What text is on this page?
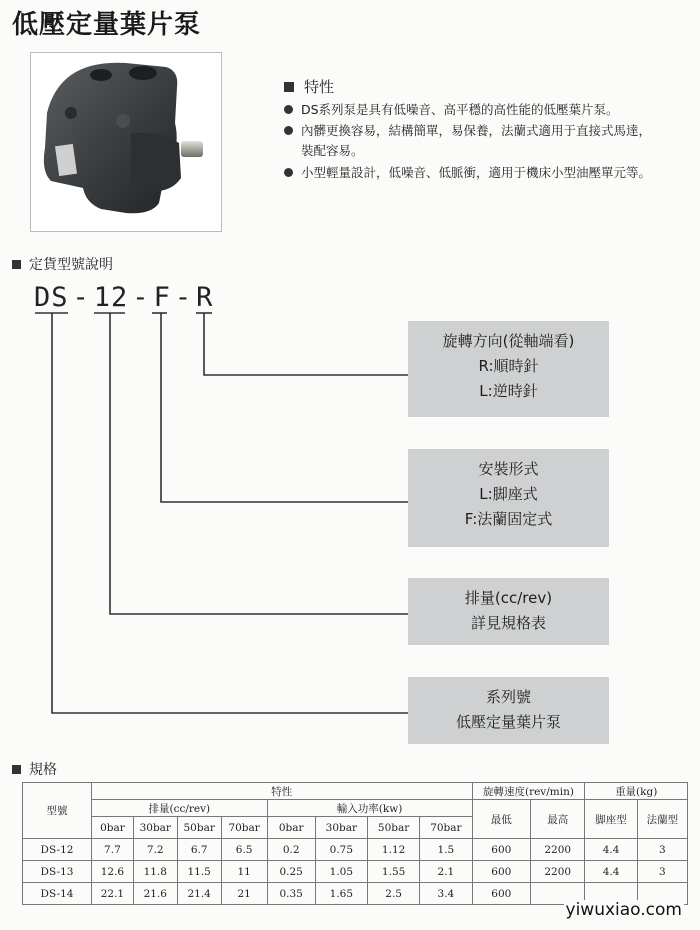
低壓定量葉片泵
特性
DS系列泵是具有低噪音、高平穩的高性能的低壓葉片泵。
內髒更換容易，結構簡單，易保養，法蘭式適用于直接式馬達，
裝配容易。
小型輕量設計，低噪音、低脈衝，適用于機床小型油壓單元等。
定貨型號說明
DS - 12 - F - R
旋轉方向(從軸端看)
R:順時針
L:逆時針
安裝形式
L:脚座式
F:法蘭固定式
排量(cc/rev)
詳見規格表
系列號
低壓定量葉片泵
規格
型號	特性								旋轉速度(rev/min)		重量(kg)	
	排量(cc/rev)				輸入功率(kw)				最低	最高	脚座型	法蘭型
	0bar	30bar	50bar	70bar	0bar	30bar	50bar	70bar				
DS-12	7.7	7.2	6.7	6.5	0.2	0.75	1.12	1.5	600	2200	4.4	3
DS-13	12.6	11.8	11.5	11	0.25	1.05	1.55	2.1	600	2200	4.4	3
DS-14	22.1	21.6	21.4	21	0.35	1.65	2.5	3.4	600			
yiwuxiao.com
